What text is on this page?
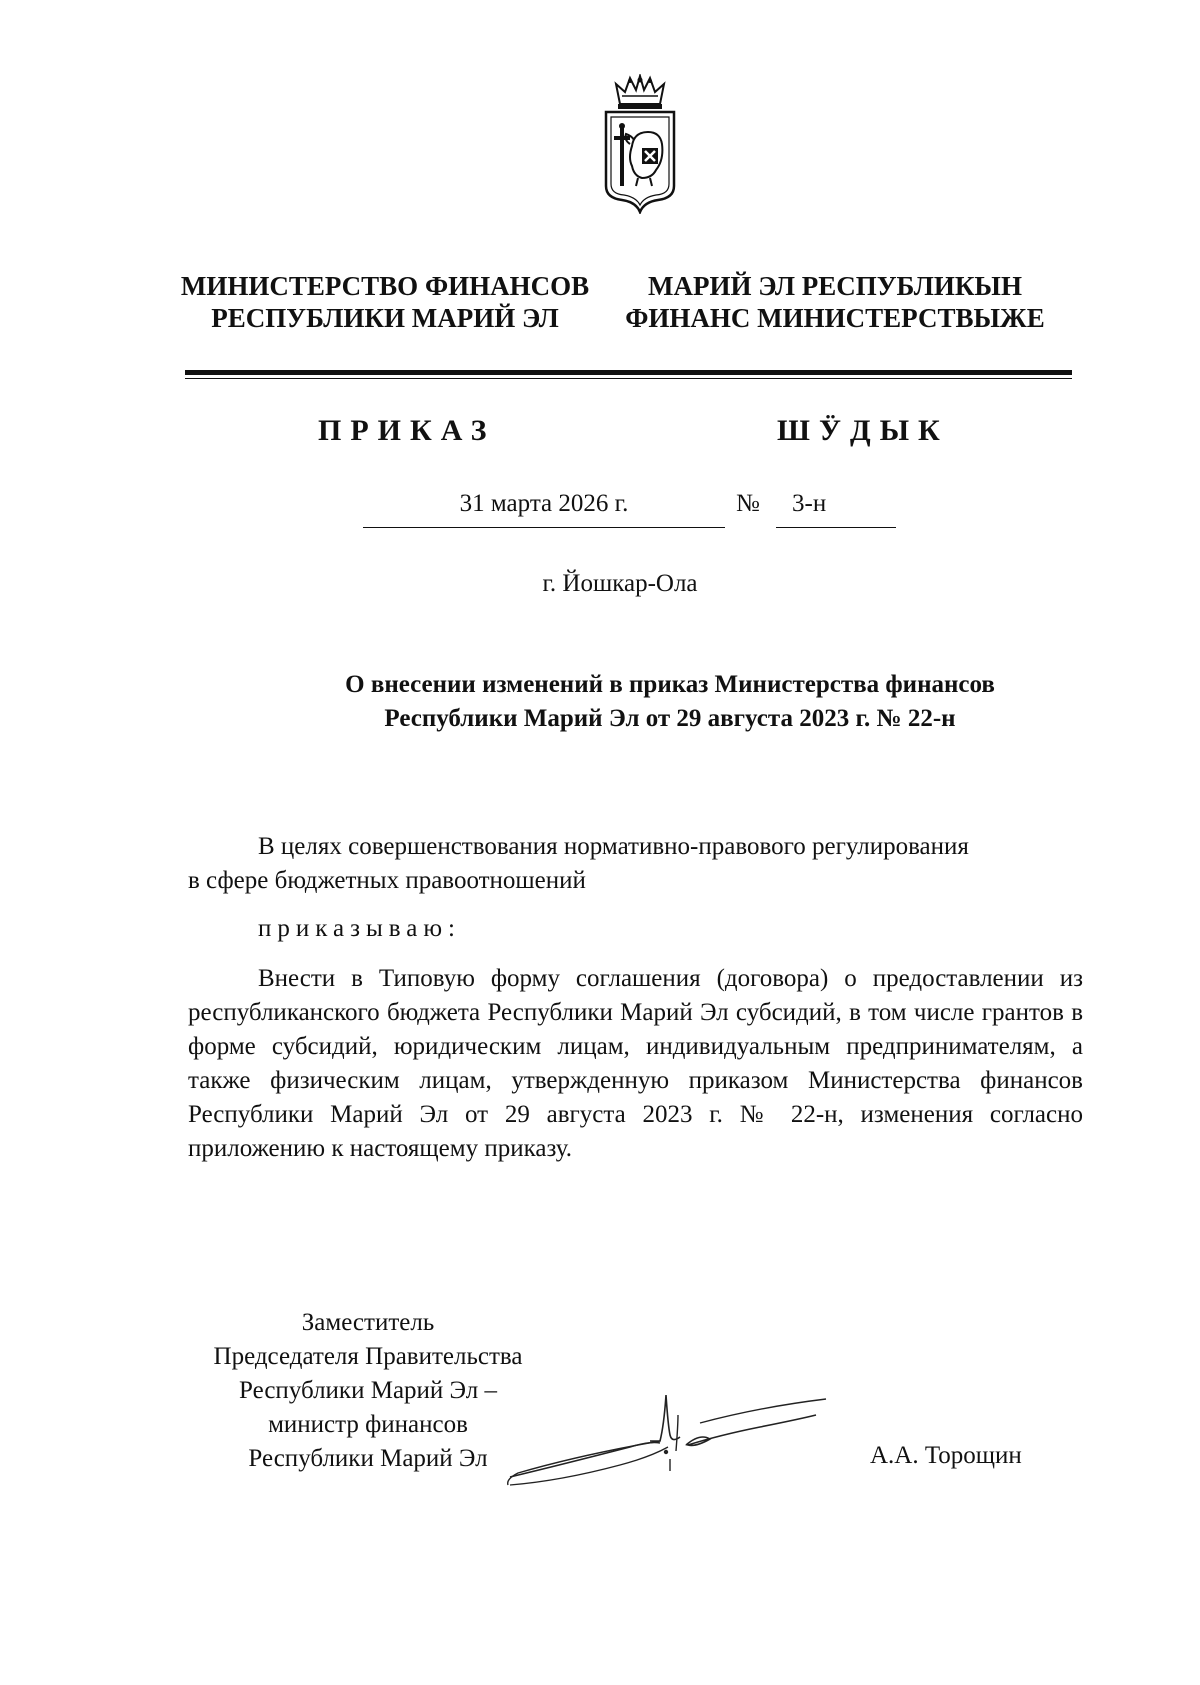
МИНИСТЕРСТВО ФИНАНСОВ
РЕСПУБЛИКИ МАРИЙ ЭЛ
МАРИЙ ЭЛ РЕСПУБЛИКЫН
ФИНАНС МИНИСТЕРСТВЫЖЕ
ПРИКАЗ	ШӰДЫК
31 марта 2026 г.	№	3-н
г. Йошкар-Ола
О внесении изменений в приказ Министерства финансов
Республики Марий Эл от 29 августа 2023 г. № 22-н
В целях совершенствования нормативно-правового регулирования
в сфере бюджетных правоотношений
приказываю:
Внести в Типовую форму соглашения (договора) о предоставлении из республиканского бюджета Республики Марий Эл субсидий, в том числе грантов в форме субсидий, юридическим лицам, индивидуальным предпринимателям, а также физическим лицам, утвержденную приказом Министерства финансов Республики Марий Эл от 29 августа 2023 г. № 22-н, изменения согласно приложению к настоящему приказу.
Заместитель
Председателя Правительства
Республики Марий Эл –
министр финансов
Республики Марий Эл	А.А. Торощин
